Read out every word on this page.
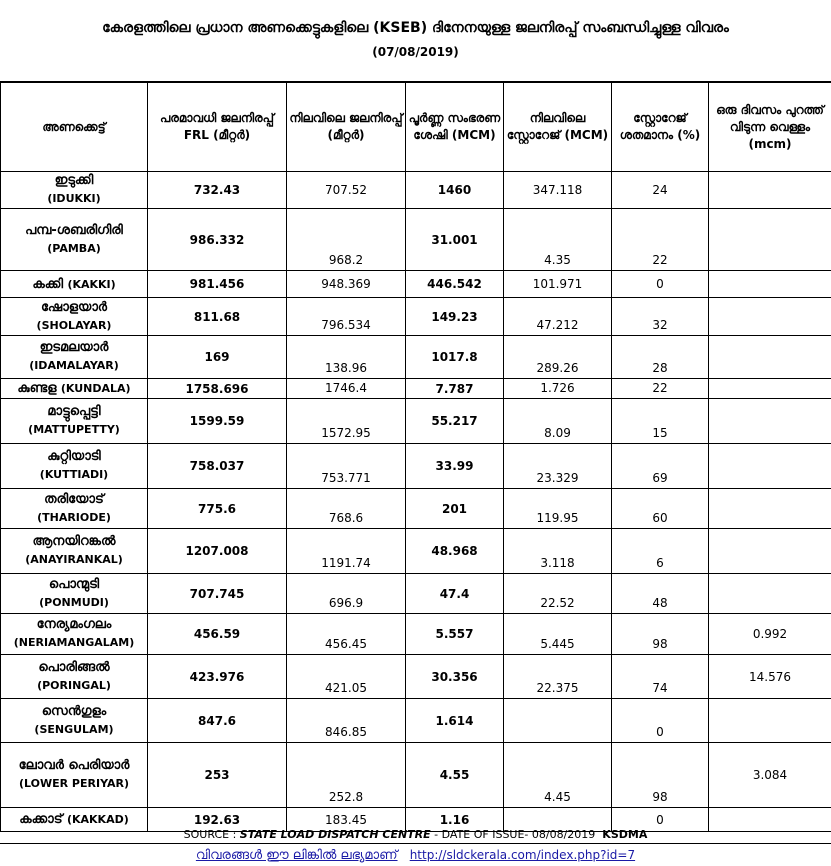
കേരളത്തിലെ പ്രധാന അണക്കെട്ടുകളിലെ (KSEB) ദിനേനയുള്ള ജലനിരപ്പ് സംബന്ധിച്ചുള്ള വിവരം
(07/08/2019)
അണക്കെട്ട്	പരമാവധി ജലനിരപ്പ് FRL (മീറ്റർ)	നിലവിലെ ജലനിരപ്പ് (മീറ്റർ)	പൂർണ്ണ സംഭരണ ശേഷി (MCM)	നിലവിലെ സ്റ്റോറേജ് (MCM)	സ്റ്റോറേജ് ശതമാനം (%)	ഒരു ദിവസം പുറത്ത് വിടുന്ന വെള്ളം (mcm)

ഇടുക്കി
(IDUKKI)	732.43	707.52	1460	347.118	24	

പമ്പ-ശബരിഗിരി
(PAMBA)	986.332	968.2	31.001	4.35	22	
കക്കി (KAKKI)	981.456	948.369	446.542	101.971	0	

ഷോളയാർ
(SHOLAYAR)	811.68	796.534	149.23	47.212	32	

ഇടമലയാർ
(IDAMALAYAR)	169	138.96	1017.8	289.26	28	
കുണ്ടള (KUNDALA)	1758.696	1746.4	7.787	1.726	22	

മാട്ടുപ്പെട്ടി
(MATTUPETTY)	1599.59	1572.95	55.217	8.09	15	

കുറ്റിയാടി
(KUTTIADI)	758.037	753.771	33.99	23.329	69	

തരിയോട്
(THARIODE)	775.6	768.6	201	119.95	60	

ആനയിറങ്കൽ
(ANAYIRANKAL)	1207.008	1191.74	48.968	3.118	6	

പൊന്മുടി
(PONMUDI)	707.745	696.9	47.4	22.52	48	

നേര്യമംഗലം
(NERIAMANGALAM)	456.59	456.45	5.557	5.445	98	0.992

പൊരിങ്ങൽ
(PORINGAL)	423.976	421.05	30.356	22.375	74	14.576

സെൻഗുളം
(SENGULAM)	847.6	846.85	1.614		0	

ലോവർ പെരിയാർ
(LOWER PERIYAR)	253	252.8	4.55	4.45	98	3.084
കക്കാട് (KAKKAD)	192.63	183.45	1.16		0	
SOURCE : STATE LOAD DISPATCH CENTRE - DATE OF ISSUE- 08/08/2019 KSDMA
വിവരങ്ങൾ ഈ ലിങ്കിൽ ലഭ്യമാണ് http://sldckerala.com/index.php?id=7
